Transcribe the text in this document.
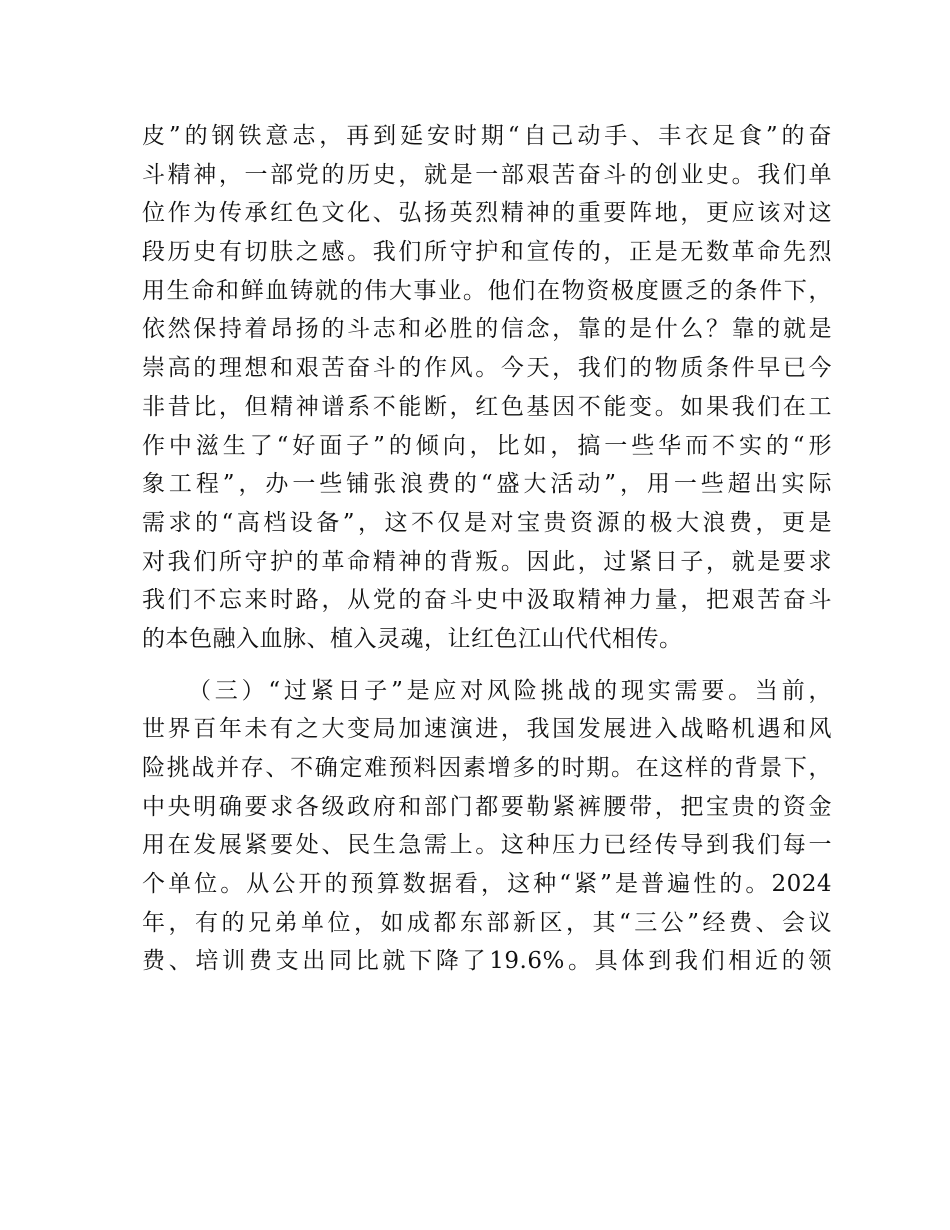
皮”的钢铁意志，再到延安时期“自己动手、丰衣足食”的奋
斗精神，一部党的历史，就是一部艰苦奋斗的创业史。我们单
位作为传承红色文化、弘扬英烈精神的重要阵地，更应该对这
段历史有切肤之感。我们所守护和宣传的，正是无数革命先烈
用生命和鲜血铸就的伟大事业。他们在物资极度匮乏的条件下，
依然保持着昂扬的斗志和必胜的信念，靠的是什么？靠的就是
崇高的理想和艰苦奋斗的作风。今天，我们的物质条件早已今
非昔比，但精神谱系不能断，红色基因不能变。如果我们在工
作中滋生了“好面子”的倾向，比如，搞一些华而不实的“形
象工程”，办一些铺张浪费的“盛大活动”，用一些超出实际
需求的“高档设备”，这不仅是对宝贵资源的极大浪费，更是
对我们所守护的革命精神的背叛。因此，过紧日子，就是要求
我们不忘来时路，从党的奋斗史中汲取精神力量，把艰苦奋斗
的本色融入血脉、植入灵魂，让红色江山代代相传。
（三）“过紧日子”是应对风险挑战的现实需要。当前，
世界百年未有之大变局加速演进，我国发展进入战略机遇和风
险挑战并存、不确定难预料因素增多的时期。在这样的背景下，
中央明确要求各级政府和部门都要勒紧裤腰带，把宝贵的资金
用在发展紧要处、民生急需上。这种压力已经传导到我们每一
个单位。从公开的预算数据看，这种“紧”是普遍性的。2024
年，有的兄弟单位，如成都东部新区，其“三公”经费、会议
费、培训费支出同比就下降了19.6%。具体到我们相近的领
